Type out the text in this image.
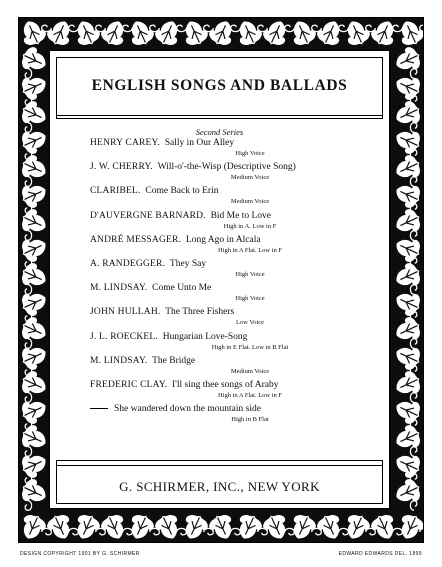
ENGLISH SONGS AND BALLADS
Second Series
HENRY CAREY. Sally in Our Alley
High Voice
J. W. CHERRY. Will-o'-the-Wisp (Descriptive Song)
Medium Voice
CLARIBEL. Come Back to Erin
Medium Voice
D'AUVERGNE BARNARD. Bid Me to Love
High in A. Low in F
ANDRÉ MESSAGER. Long Ago in Alcala
High in A Flat. Low in F
A. RANDEGGER. They Say
High Voice
M. LINDSAY. Come Unto Me
High Voice
JOHN HULLAH. The Three Fishers
Low Voice
J. L. ROECKEL. Hungarian Love-Song
High in E Flat. Low in B Flat
M. LINDSAY. The Bridge
Medium Voice
FREDERIC CLAY. I'll sing thee songs of Araby
High in A Flat. Low in F
She wandered down the mountain side
High in B Flat
G. SCHIRMER, INC., NEW YORK
DESIGN COPYRIGHT 1901 BY G. SCHIRMER	EDWARD EDWARDS DEL. 1899
